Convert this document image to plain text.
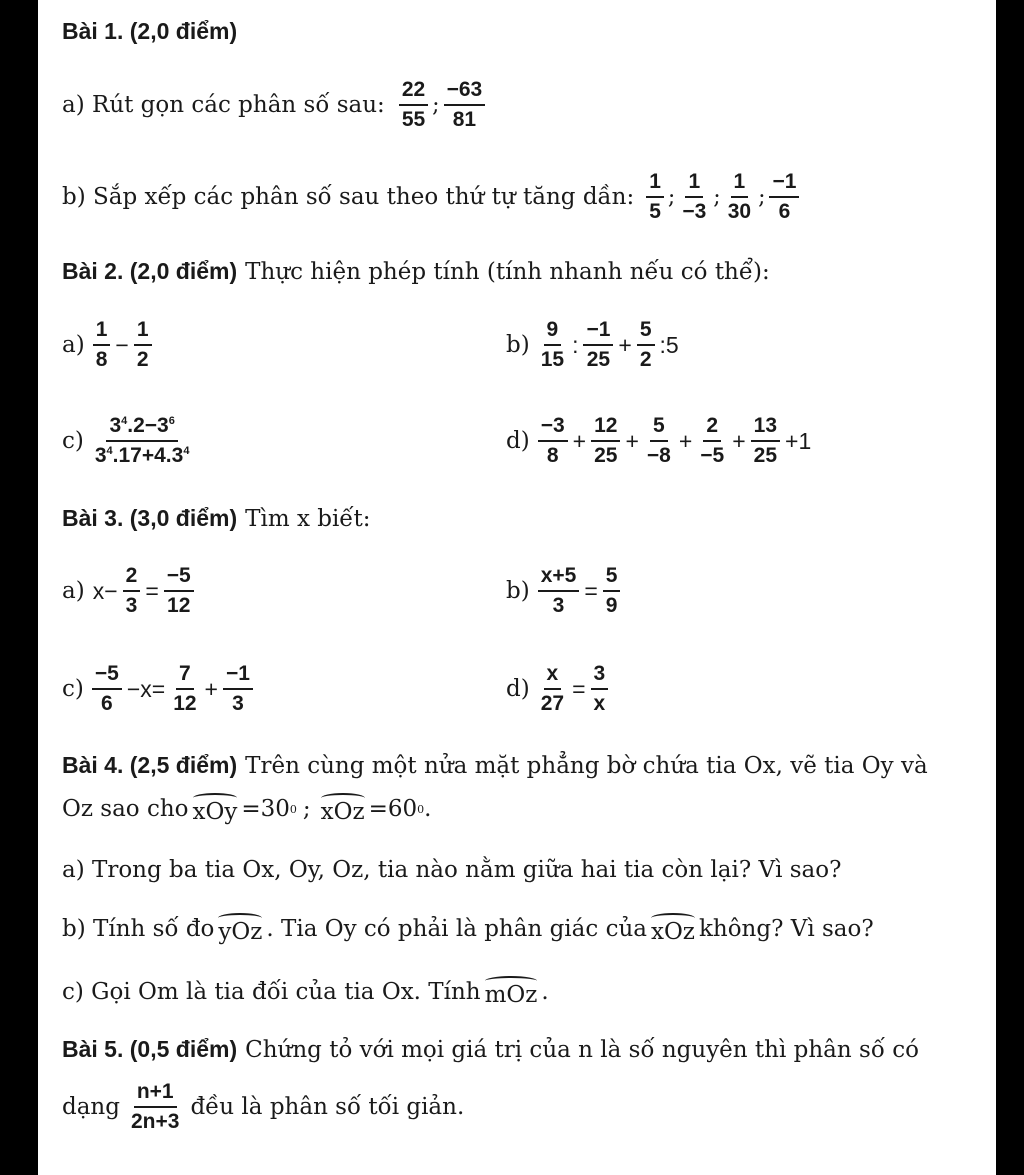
Bài 1. (2,0 điểm)
a) Rút gọn các phân số sau: $\frac{22}{55}$ ; $\frac{-63}{81}$
b) Sắp xếp các phân số sau theo thứ tự tăng dần: $\frac{1}{5}$ ; $\frac{1}{-3}$ ; $\frac{1}{30}$ ; $\frac{-1}{6}$
Bài 2. (2,0 điểm) Thực hiện phép tính (tính nhanh nếu có thể):
$a) \frac{1}{8} - \frac{1}{2}$	$b) \frac{9}{15}$ : $\frac{-1}{25} + \frac{5}{2}$ :5
$c) \frac{3^4.2-3^6}{3^4.17+4.3^4}$	$d) \frac{-3}{8} + \frac{12}{25} + \frac{5}{-8} + \frac{2}{-5} + \frac{13}{25} +1$
Bài 3. (3,0 điểm) Tìm x biết:
a) $x- \frac{2}{3} = \frac{-5}{12}$	$b) \frac{x+5}{3} = \frac{5}{9}$
$c) \frac{-5}{6} -x= \frac{7}{12} + \frac{-1}{3}$	$d) \frac{x}{27} = \frac{3}{x}$
Bài 4. (2,5 điểm) Trên cùng một nửa mặt phẳng bờ chứa tia Ox, vẽ tia Oy và
Oz sao cho xOy =30 0 ; xOz =60 0 .
a) Trong ba tia Ox, Oy, Oz, tia nào nằm giữa hai tia còn lại? Vì sao?
b) Tính số đo yOz . Tia Oy có phải là phân giác của xOz không? Vì sao?
c) Gọi Om là tia đối của tia Ox. Tính mOz .
Bài 5. (0,5 điểm) Chứng tỏ với mọi giá trị của n là số nguyên thì phân số có
dạng $\frac{n+1}{2n+3}$ đều là phân số tối giản.
